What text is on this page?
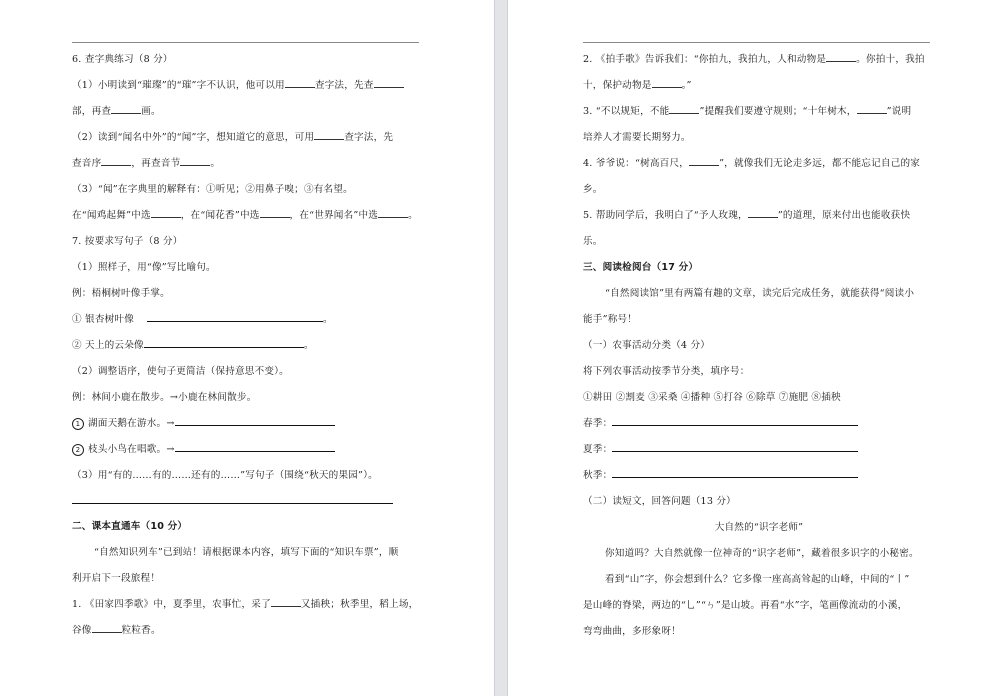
6. 查字典练习（8 分）
（1）小明读到“璀璨”的“璀”字不认识，他可以用	查字法，先查
部，再查	画。
（2）读到“闻名中外”的“闻”字，想知道它的意思，可用	查字法，先
查音序	，再查音节	。
（3）“闻”在字典里的解释有：①听见；②用鼻子嗅；③有名望。
在“闻鸡起舞”中选	，在“闻花香”中选	，在“世界闻名”中选	。
7. 按要求写句子（8 分）
（1）照样子，用“像”写比喻句。
例：梧桐树叶像手掌。
① 银杏树叶像	。
② 天上的云朵像	。
（2）调整语序，使句子更简洁（保持意思不变）。
例：林间小鹿在散步。→小鹿在林间散步。
1 湖面天鹅在游水。→
2 枝头小鸟在唱歌。→
（3）用“有的……有的……还有的……”写句子（围绕“秋天的果园”）。
二、课本直通车（10 分）
“自然知识列车”已到站！请根据课本内容，填写下面的“知识车票”，顺
利开启下一段旅程！
1. 《田家四季歌》中，夏季里，农事忙，采了	又插秧；秋季里，稻上场，
谷像	粒粒香。
2. 《拍手歌》告诉我们：“你拍九，我拍九，人和动物是	。你拍十，我拍
十，保护动物是	。”
3. “不以规矩，不能	”提醒我们要遵守规则；“十年树木，	”说明
培养人才需要长期努力。
4. 爷爷说：“树高百尺，	”，就像我们无论走多远，都不能忘记自己的家
乡。
5. 帮助同学后，我明白了“予人玫瑰，	”的道理，原来付出也能收获快
乐。
三、阅读检阅台（17 分）
“自然阅读馆”里有两篇有趣的文章，读完后完成任务，就能获得“阅读小
能手”称号！
（一）农事活动分类（4 分）
将下列农事活动按季节分类，填序号：
①耕田 ②割麦 ③采桑 ④播种 ⑤打谷 ⑥除草 ⑦施肥 ⑧插秧
春季：
夏季：
秋季：
（二）读短文，回答问题（13 分）
大自然的“识字老师”
你知道吗？大自然就像一位神奇的“识字老师”，藏着很多识字的小秘密。
看到“山”字，你会想到什么？它多像一座高高耸起的山峰，中间的“丨”
是山峰的脊梁，两边的“乚”“ㄣ”是山坡。再看“水”字，笔画像流动的小溪，
弯弯曲曲，多形象呀！
